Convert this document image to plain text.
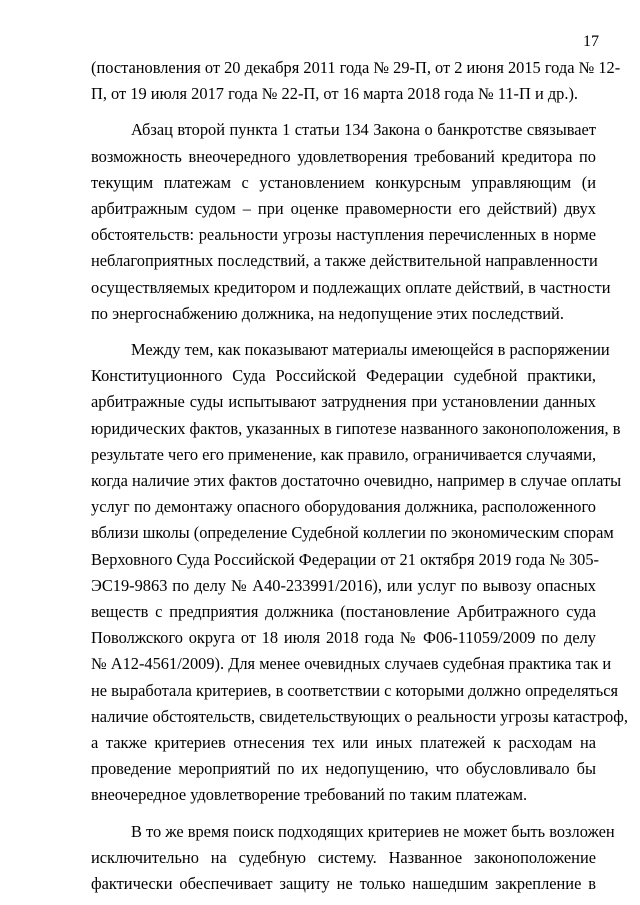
17

(постановления от 20 декабря 2011 года № 29-П, от 2 июня 2015 года № 12-
П, от 19 июля 2017 года № 22-П, от 16 марта 2018 года № 11-П и др.).

Абзац второй пункта 1 статьи 134 Закона о банкротстве связывает
возможность внеочередного удовлетворения требований кредитора по
текущим платежам с установлением конкурсным управляющим (и
арбитражным судом – при оценке правомерности его действий) двух
обстоятельств: реальности угрозы наступления перечисленных в норме
неблагоприятных последствий, а также действительной направленности
осуществляемых кредитором и подлежащих оплате действий, в частности
по энергоснабжению должника, на недопущение этих последствий.

Между тем, как показывают материалы имеющейся в распоряжении
Конституционного Суда Российской Федерации судебной практики,
арбитражные суды испытывают затруднения при установлении данных
юридических фактов, указанных в гипотезе названного законоположения, в
результате чего его применение, как правило, ограничивается случаями,
когда наличие этих фактов достаточно очевидно, например в случае оплаты
услуг по демонтажу опасного оборудования должника, расположенного
вблизи школы (определение Судебной коллегии по экономическим спорам
Верховного Суда Российской Федерации от 21 октября 2019 года № 305-
ЭС19-9863 по делу № А40-233991/2016), или услуг по вывозу опасных
веществ с предприятия должника (постановление Арбитражного суда
Поволжского округа от 18 июля 2018 года № Ф06-11059/2009 по делу
№ А12-4561/2009). Для менее очевидных случаев судебная практика так и
не выработала критериев, в соответствии с которыми должно определяться
наличие обстоятельств, свидетельствующих о реальности угрозы катастроф,
а также критериев отнесения тех или иных платежей к расходам на
проведение мероприятий по их недопущению, что обусловливало бы
внеочередное удовлетворение требований по таким платежам.

В то же время поиск подходящих критериев не может быть возложен
исключительно на судебную систему. Названное законоположение
фактически обеспечивает защиту не только нашедшим закрепление в
